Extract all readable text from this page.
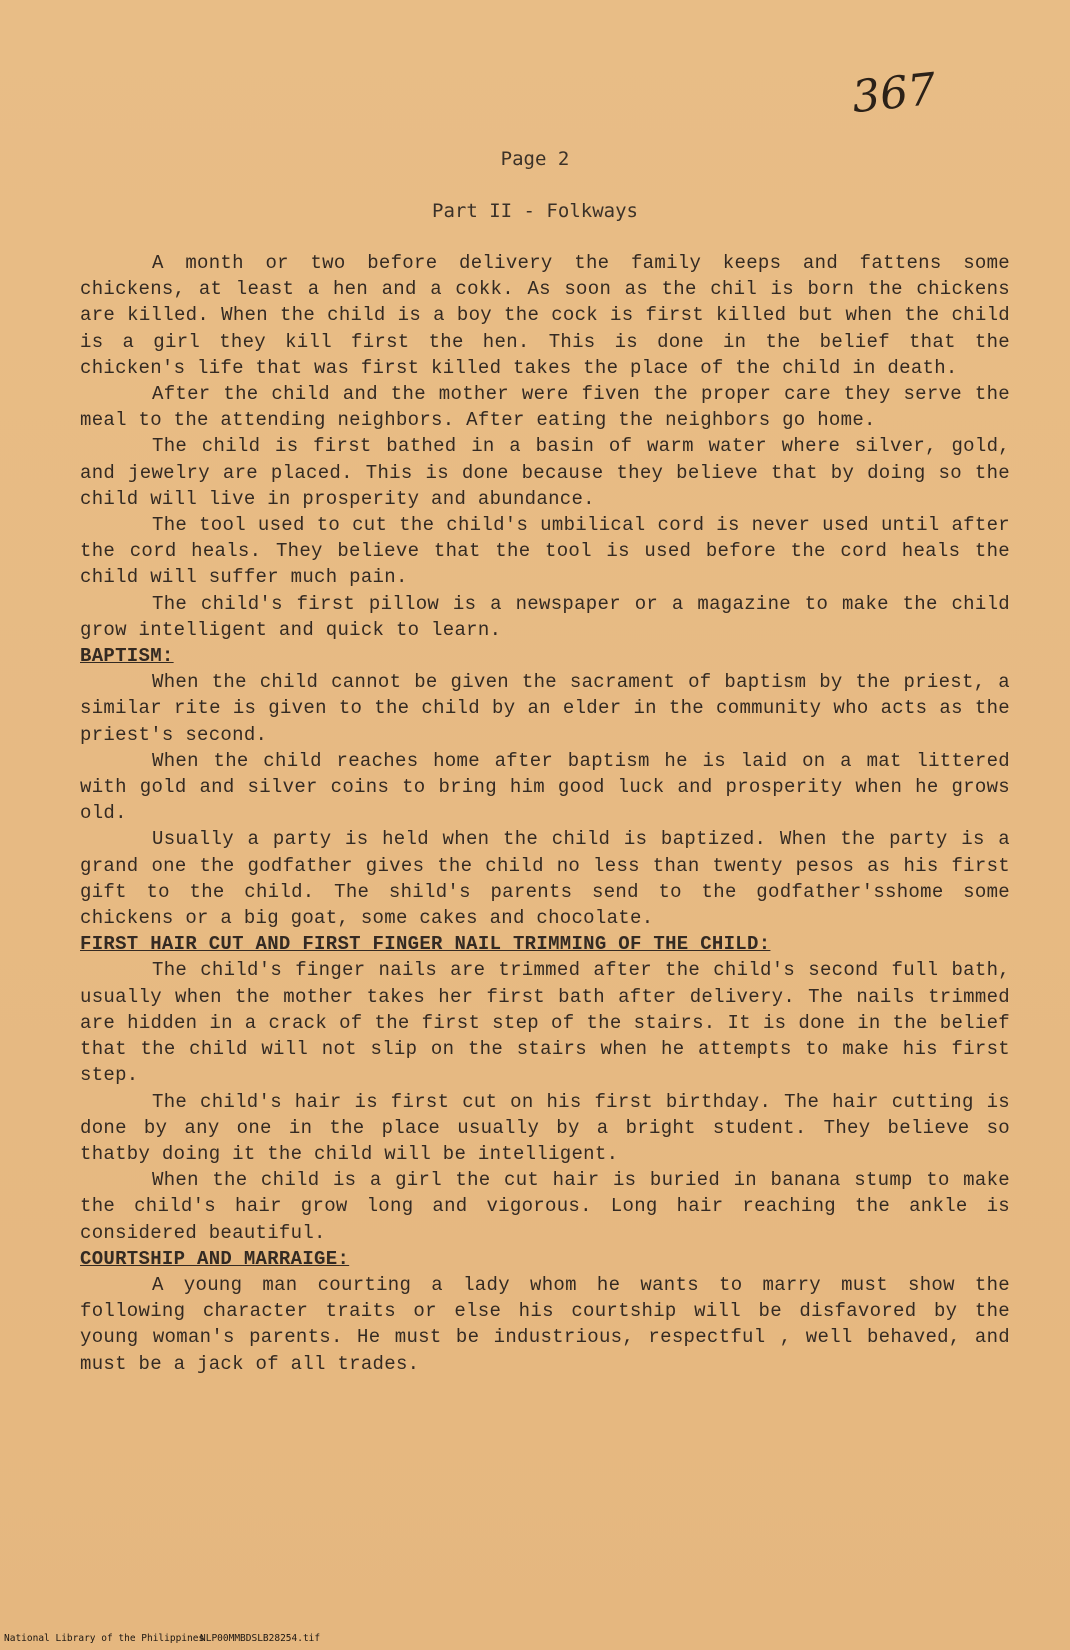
367
Page 2
Part II - Folkways

A month or two before delivery the family keeps and fattens some chickens, at least a hen and a cokk. As soon as the chil is born the chickens are killed. When the child is a boy the cock is first killed but when the child is a girl they kill first the hen. This is done in the belief that the chicken's life that was first killed takes the place of the child in death.

After the child and the mother were fiven the proper care they serve the meal to the attending neighbors. After eating the neighbors go home.

The child is first bathed in a basin of warm water where silver, gold, and jewelry are placed. This is done because they believe that by doing so the child will live in prosperity and abundance.

The tool used to cut the child's umbilical cord is never used until after the cord heals. They believe that the tool is used before the cord heals the child will suffer much pain.

The child's first pillow is a newspaper or a magazine to make the child grow intelligent and quick to learn.

BAPTISM:

When the child cannot be given the sacrament of baptism by the priest, a similar rite is given to the child by an elder in the community who acts as the priest's second.

When the child reaches home after baptism he is laid on a mat littered with gold and silver coins to bring him good luck and prosperity when he grows old.

Usually a party is held when the child is baptized. When the party is a grand one the godfather gives the child no less than twenty pesos as his first gift to the child. The shild's parents send to the godfather'sshome some chickens or a big goat, some cakes and chocolate.

FIRST HAIR CUT AND FIRST FINGER NAIL TRIMMING OF THE CHILD:

The child's finger nails are trimmed after the child's second full bath, usually when the mother takes her first bath after delivery. The nails trimmed are hidden in a crack of the first step of the stairs. It is done in the belief that the child will not slip on the stairs when he attempts to make his first step.

The child's hair is first cut on his first birthday. The hair cutting is done by any one in the place usually by a bright student. They believe so thatby doing it the child will be intelligent.

When the child is a girl the cut hair is buried in banana stump to make the child's hair grow long and vigorous. Long hair reaching the ankle is considered beautiful.

COURTSHIP AND MARRAIGE:

A young man courting a lady whom he wants to marry must show the following character traits or else his courtship will be disfavored by the young woman's parents. He must be industrious, respectful , well behaved, and must be a jack of all trades.

National Library of the Philippines
NLP00MMBDSLB28254.tif
